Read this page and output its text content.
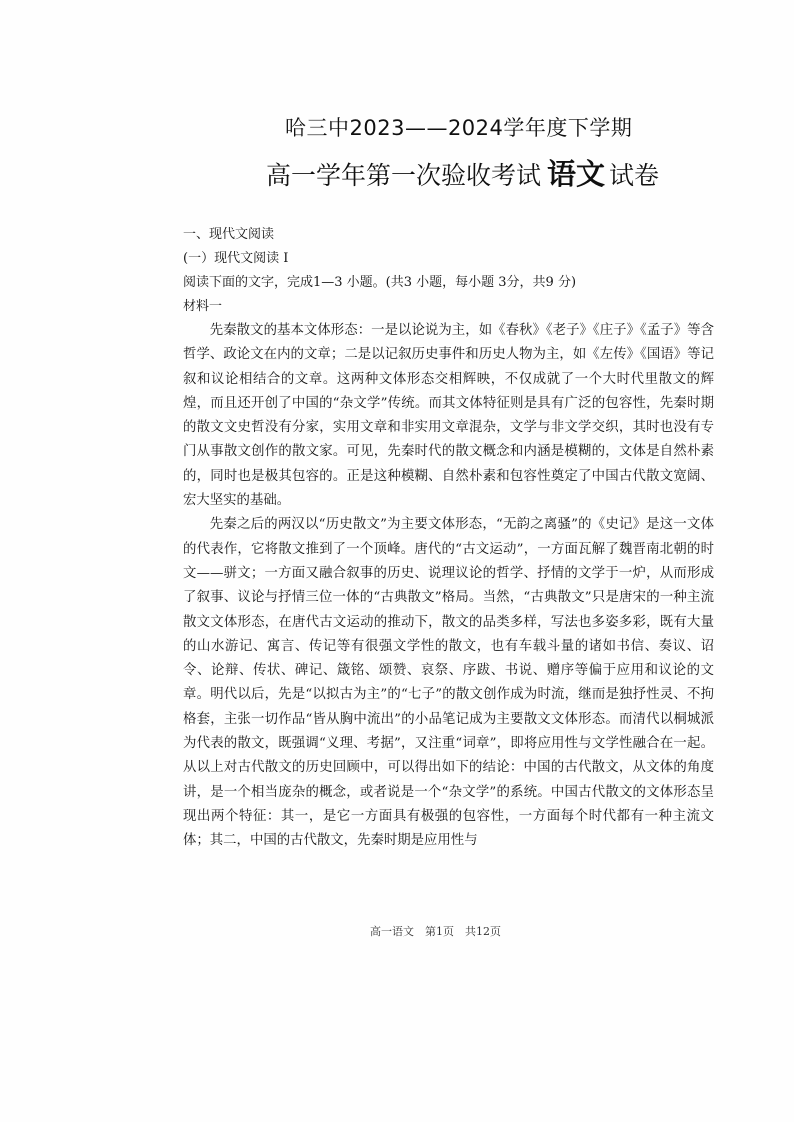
哈三中2023——2024学年度下学期
高一学年第一次验收考试 语文 试卷
一、现代文阅读
(一）现代文阅读 I
阅读下面的文字，完成1—3 小题。(共3 小题，每小题 3分，共9 分)
材料一

先秦散文的基本文体形态：一是以论说为主，如《春秋》《老子》《庄子》《孟子》等含哲学、政论文在内的文章；二是以记叙历史事件和历史人物为主，如《左传》《国语》等记叙和议论相结合的文章。这两种文体形态交相辉映，不仅成就了一个大时代里散文的辉煌，而且还开创了中国的“杂文学”传统。而其文体特征则是具有广泛的包容性，先秦时期的散文文史哲没有分家，实用文章和非实用文章混杂，文学与非文学交织，其时也没有专门从事散文创作的散文家。可见，先秦时代的散文概念和内涵是模糊的，文体是自然朴素的，同时也是极其包容的。正是这种模糊、自然朴素和包容性奠定了中国古代散文宽阔、宏大坚实的基础。

先秦之后的两汉以“历史散文”为主要文体形态，“无韵之离骚”的《史记》是这一文体的代表作，它将散文推到了一个顶峰。唐代的“古文运动”，一方面瓦解了魏晋南北朝的时文——骈文；一方面又融合叙事的历史、说理议论的哲学、抒情的文学于一炉，从而形成了叙事、议论与抒情三位一体的“古典散文”格局。当然，“古典散文”只是唐宋的一种主流散文文体形态，在唐代古文运动的推动下，散文的品类多样，写法也多姿多彩，既有大量的山水游记、寓言、传记等有很强文学性的散文，也有车载斗量的诸如书信、奏议、诏令、论辩、传状、碑记、箴铭、颂赞、哀祭、序跋、书说、赠序等偏于应用和议论的文章。明代以后，先是“以拟古为主”的“七子”的散文创作成为时流，继而是独抒性灵、不拘格套，主张一切作品“皆从胸中流出”的小品笔记成为主要散文文体形态。而清代以桐城派为代表的散文，既强调“义理、考据”，又注重“词章”，即将应用性与文学性融合在一起。从以上对古代散文的历史回顾中，可以得出如下的结论：中国的古代散文，从文体的角度讲，是一个相当庞杂的概念，或者说是一个“杂文学”的系统。中国古代散文的文体形态呈现出两个特征：其一，是它一方面具有极强的包容性，一方面每个时代都有一种主流文体；其二，中国的古代散文，先秦时期是应用性与

高一语文　第1页　共12页
